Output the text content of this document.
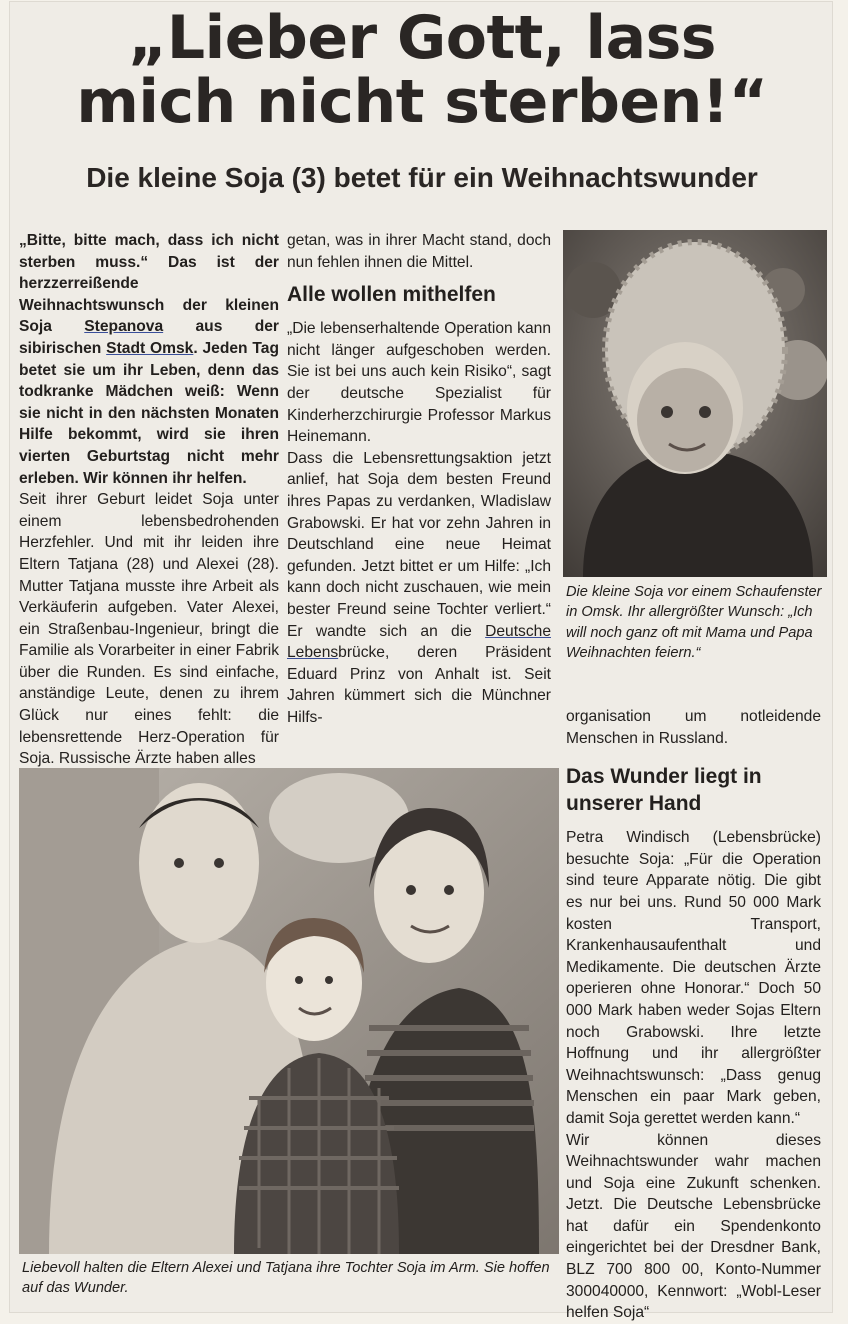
„Lieber Gott, lass
mich nicht sterben!“
Die kleine Soja (3) betet für ein Weihnachtswunder

„Bitte, bitte mach, dass ich nicht sterben muss.“ Das ist der herzzerreißende Weihnachtswunsch der kleinen Soja Stepanova aus der sibirischen Stadt Omsk. Jeden Tag betet sie um ihr Leben, denn das todkranke Mädchen weiß: Wenn sie nicht in den nächsten Monaten Hilfe bekommt, wird sie ihren vierten Geburtstag nicht mehr erleben. Wir können ihr helfen.

Seit ihrer Geburt leidet Soja unter einem lebensbedrohenden Herzfehler. Und mit ihr leiden ihre Eltern Tatjana (28) und Alexei (28). Mutter Tatjana musste ihre Arbeit als Verkäuferin aufgeben. Vater Alexei, ein Straßenbau-Ingenieur, bringt die Familie als Vorarbeiter in einer Fabrik über die Runden. Es sind einfache, anständige Leute, denen zu ihrem Glück nur eines fehlt: die lebensrettende Herz-Operation für Soja. Russische Ärzte haben alles

getan, was in ihrer Macht stand, doch nun fehlen ihnen die Mittel.

Alle wollen mithelfen

„Die lebenserhaltende Operation kann nicht länger aufgeschoben werden. Sie ist bei uns auch kein Risiko“, sagt der deutsche Spezialist für Kinderherzchirurgie Professor Markus Heinemann.

Dass die Lebensrettungsaktion jetzt anlief, hat Soja dem besten Freund ihres Papas zu verdanken, Wladislaw Grabowski. Er hat vor zehn Jahren in Deutschland eine neue Heimat gefunden. Jetzt bittet er um Hilfe: „Ich kann doch nicht zuschauen, wie mein bester Freund seine Tochter verliert.“ Er wandte sich an die Deutsche Lebensbrücke, deren Präsident Eduard Prinz von Anhalt ist. Seit Jahren kümmert sich die Münchner Hilfs-

Die kleine Soja vor einem Schaufenster in Omsk. Ihr allergrößter Wunsch: „Ich will noch ganz oft mit Mama und Papa Weihnachten feiern.“

organisation um notleidende Menschen in Russland.

Das Wunder liegt in unserer Hand

Petra Windisch (Lebensbrücke) besuchte Soja: „Für die Operation sind teure Apparate nötig. Die gibt es nur bei uns. Rund 50 000 Mark kosten Transport, Krankenhausaufenthalt und Medikamente. Die deutschen Ärzte operieren ohne Honorar.“ Doch 50 000 Mark haben weder Sojas Eltern noch Grabowski. Ihre letzte Hoffnung und ihr allergrößter Weihnachtswunsch: „Dass genug Menschen ein paar Mark geben, damit Soja gerettet werden kann.“

Wir können dieses Weihnachtswunder wahr machen und Soja eine Zukunft schenken. Jetzt. Die Deutsche Lebensbrücke hat dafür ein Spendenkonto eingerichtet bei der Dresdner Bank, BLZ 700 800 00, Konto-Nummer 300040000, Kennwort: „Wobl-Leser helfen Soja“

Liebevoll halten die Eltern Alexei und Tatjana ihre Tochter Soja im Arm. Sie hoffen auf das Wunder.
